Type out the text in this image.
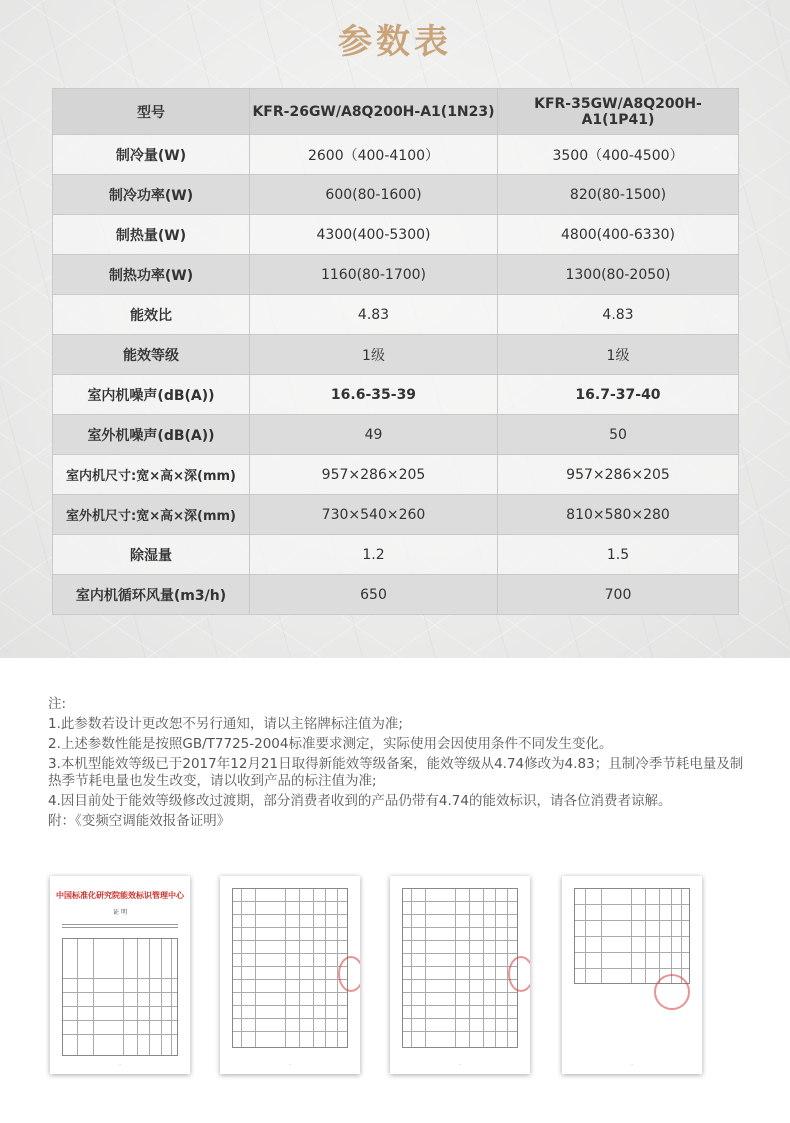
参数表
型号	KFR-26GW/A8Q200H-A1(1N23)	KFR-35GW/A8Q200H-A1(1P41)
制冷量(W)	2600（400-4100）	3500（400-4500）
制冷功率(W)	600(80-1600)	820(80-1500)
制热量(W)	4300(400-5300)	4800(400-6330)
制热功率(W)	1160(80-1700)	1300(80-2050)
能效比	4.83	4.83
能效等级	1级	1级
室内机噪声(dB(A))	16.6-35-39	16.7-37-40
室外机噪声(dB(A))	49	50
室内机尺寸:宽×高×深(mm)	957×286×205	957×286×205
室外机尺寸:宽×高×深(mm)	730×540×260	810×580×280
除湿量	1.2	1.5
室内机循环风量(m3/h)	650	700

注:

1.此参数若设计更改恕不另行通知，请以主铭牌标注值为准;

2.上述参数性能是按照GB/T7725-2004标准要求测定，实际使用会因使用条件不同发生变化。

3.本机型能效等级已于2017年12月21日取得新能效等级备案，能效等级从4.74修改为4.83；且制冷季节耗电量及制热季节耗电量也发生改变，请以收到产品的标注值为准;

4.因目前处于能效等级修改过渡期，部分消费者收到的产品仍带有4.74的能效标识，请各位消费者谅解。

附：《变频空调能效报备证明》

中国标准化研究院能效标识管理中心
证 明
·	·	·	·
